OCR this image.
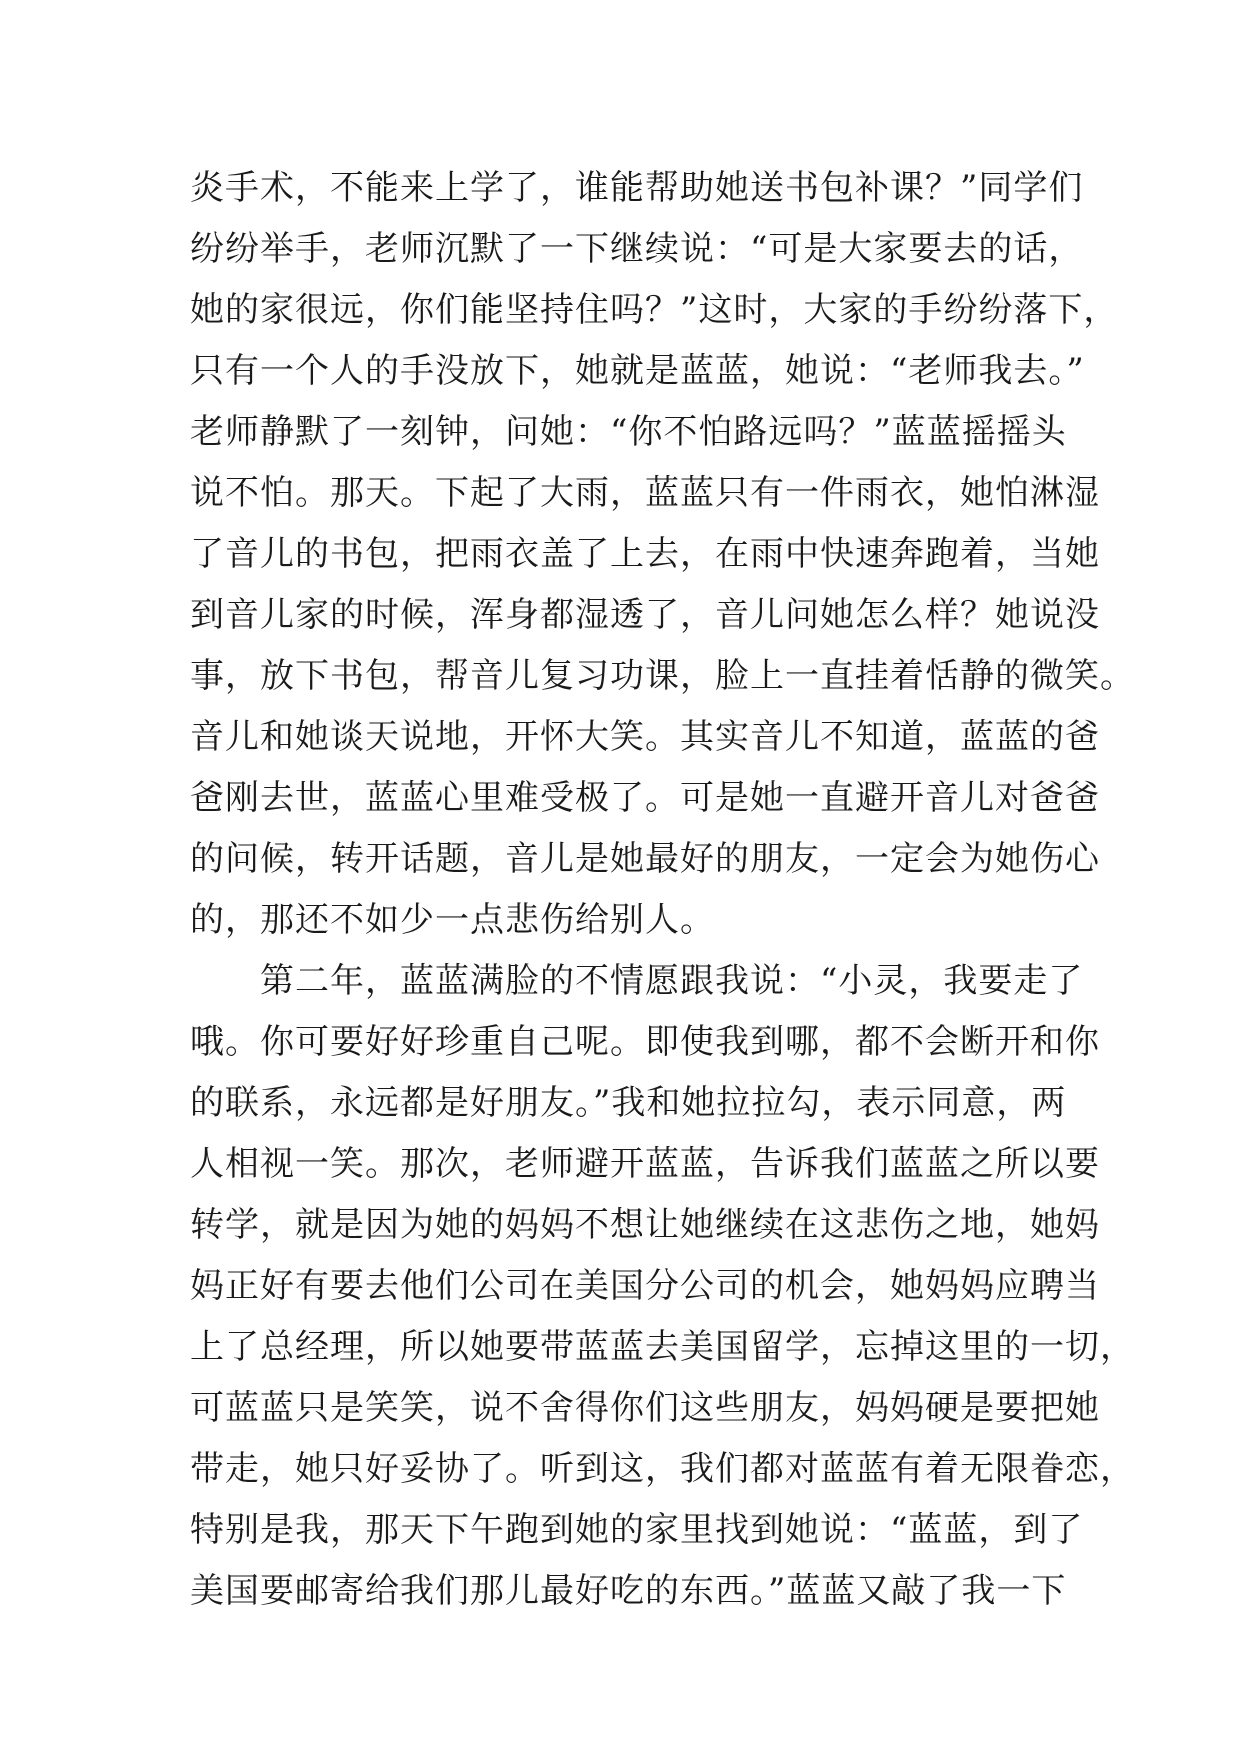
炎手术，不能来上学了，谁能帮助她送书包补课？”同学们
纷纷举手，老师沉默了一下继续说：“可是大家要去的话，
她的家很远，你们能坚持住吗？”这时，大家的手纷纷落下，
只有一个人的手没放下，她就是蓝蓝，她说：“老师我去。”
老师静默了一刻钟，问她：“你不怕路远吗？”蓝蓝摇摇头
说不怕。那天。下起了大雨，蓝蓝只有一件雨衣，她怕淋湿
了音儿的书包，把雨衣盖了上去，在雨中快速奔跑着，当她
到音儿家的时候，浑身都湿透了，音儿问她怎么样？她说没
事，放下书包，帮音儿复习功课，脸上一直挂着恬静的微笑。
音儿和她谈天说地，开怀大笑。其实音儿不知道，蓝蓝的爸
爸刚去世，蓝蓝心里难受极了。可是她一直避开音儿对爸爸
的问候，转开话题，音儿是她最好的朋友，一定会为她伤心
的，那还不如少一点悲伤给别人。
第二年，蓝蓝满脸的不情愿跟我说：“小灵，我要走了
哦。你可要好好珍重自己呢。即使我到哪，都不会断开和你
的联系，永远都是好朋友。”我和她拉拉勾，表示同意，两
人相视一笑。那次，老师避开蓝蓝，告诉我们蓝蓝之所以要
转学，就是因为她的妈妈不想让她继续在这悲伤之地，她妈
妈正好有要去他们公司在美国分公司的机会，她妈妈应聘当
上了总经理，所以她要带蓝蓝去美国留学，忘掉这里的一切，
可蓝蓝只是笑笑，说不舍得你们这些朋友，妈妈硬是要把她
带走，她只好妥协了。听到这，我们都对蓝蓝有着无限眷恋，
特别是我，那天下午跑到她的家里找到她说：“蓝蓝，到了
美国要邮寄给我们那儿最好吃的东西。”蓝蓝又敲了我一下
